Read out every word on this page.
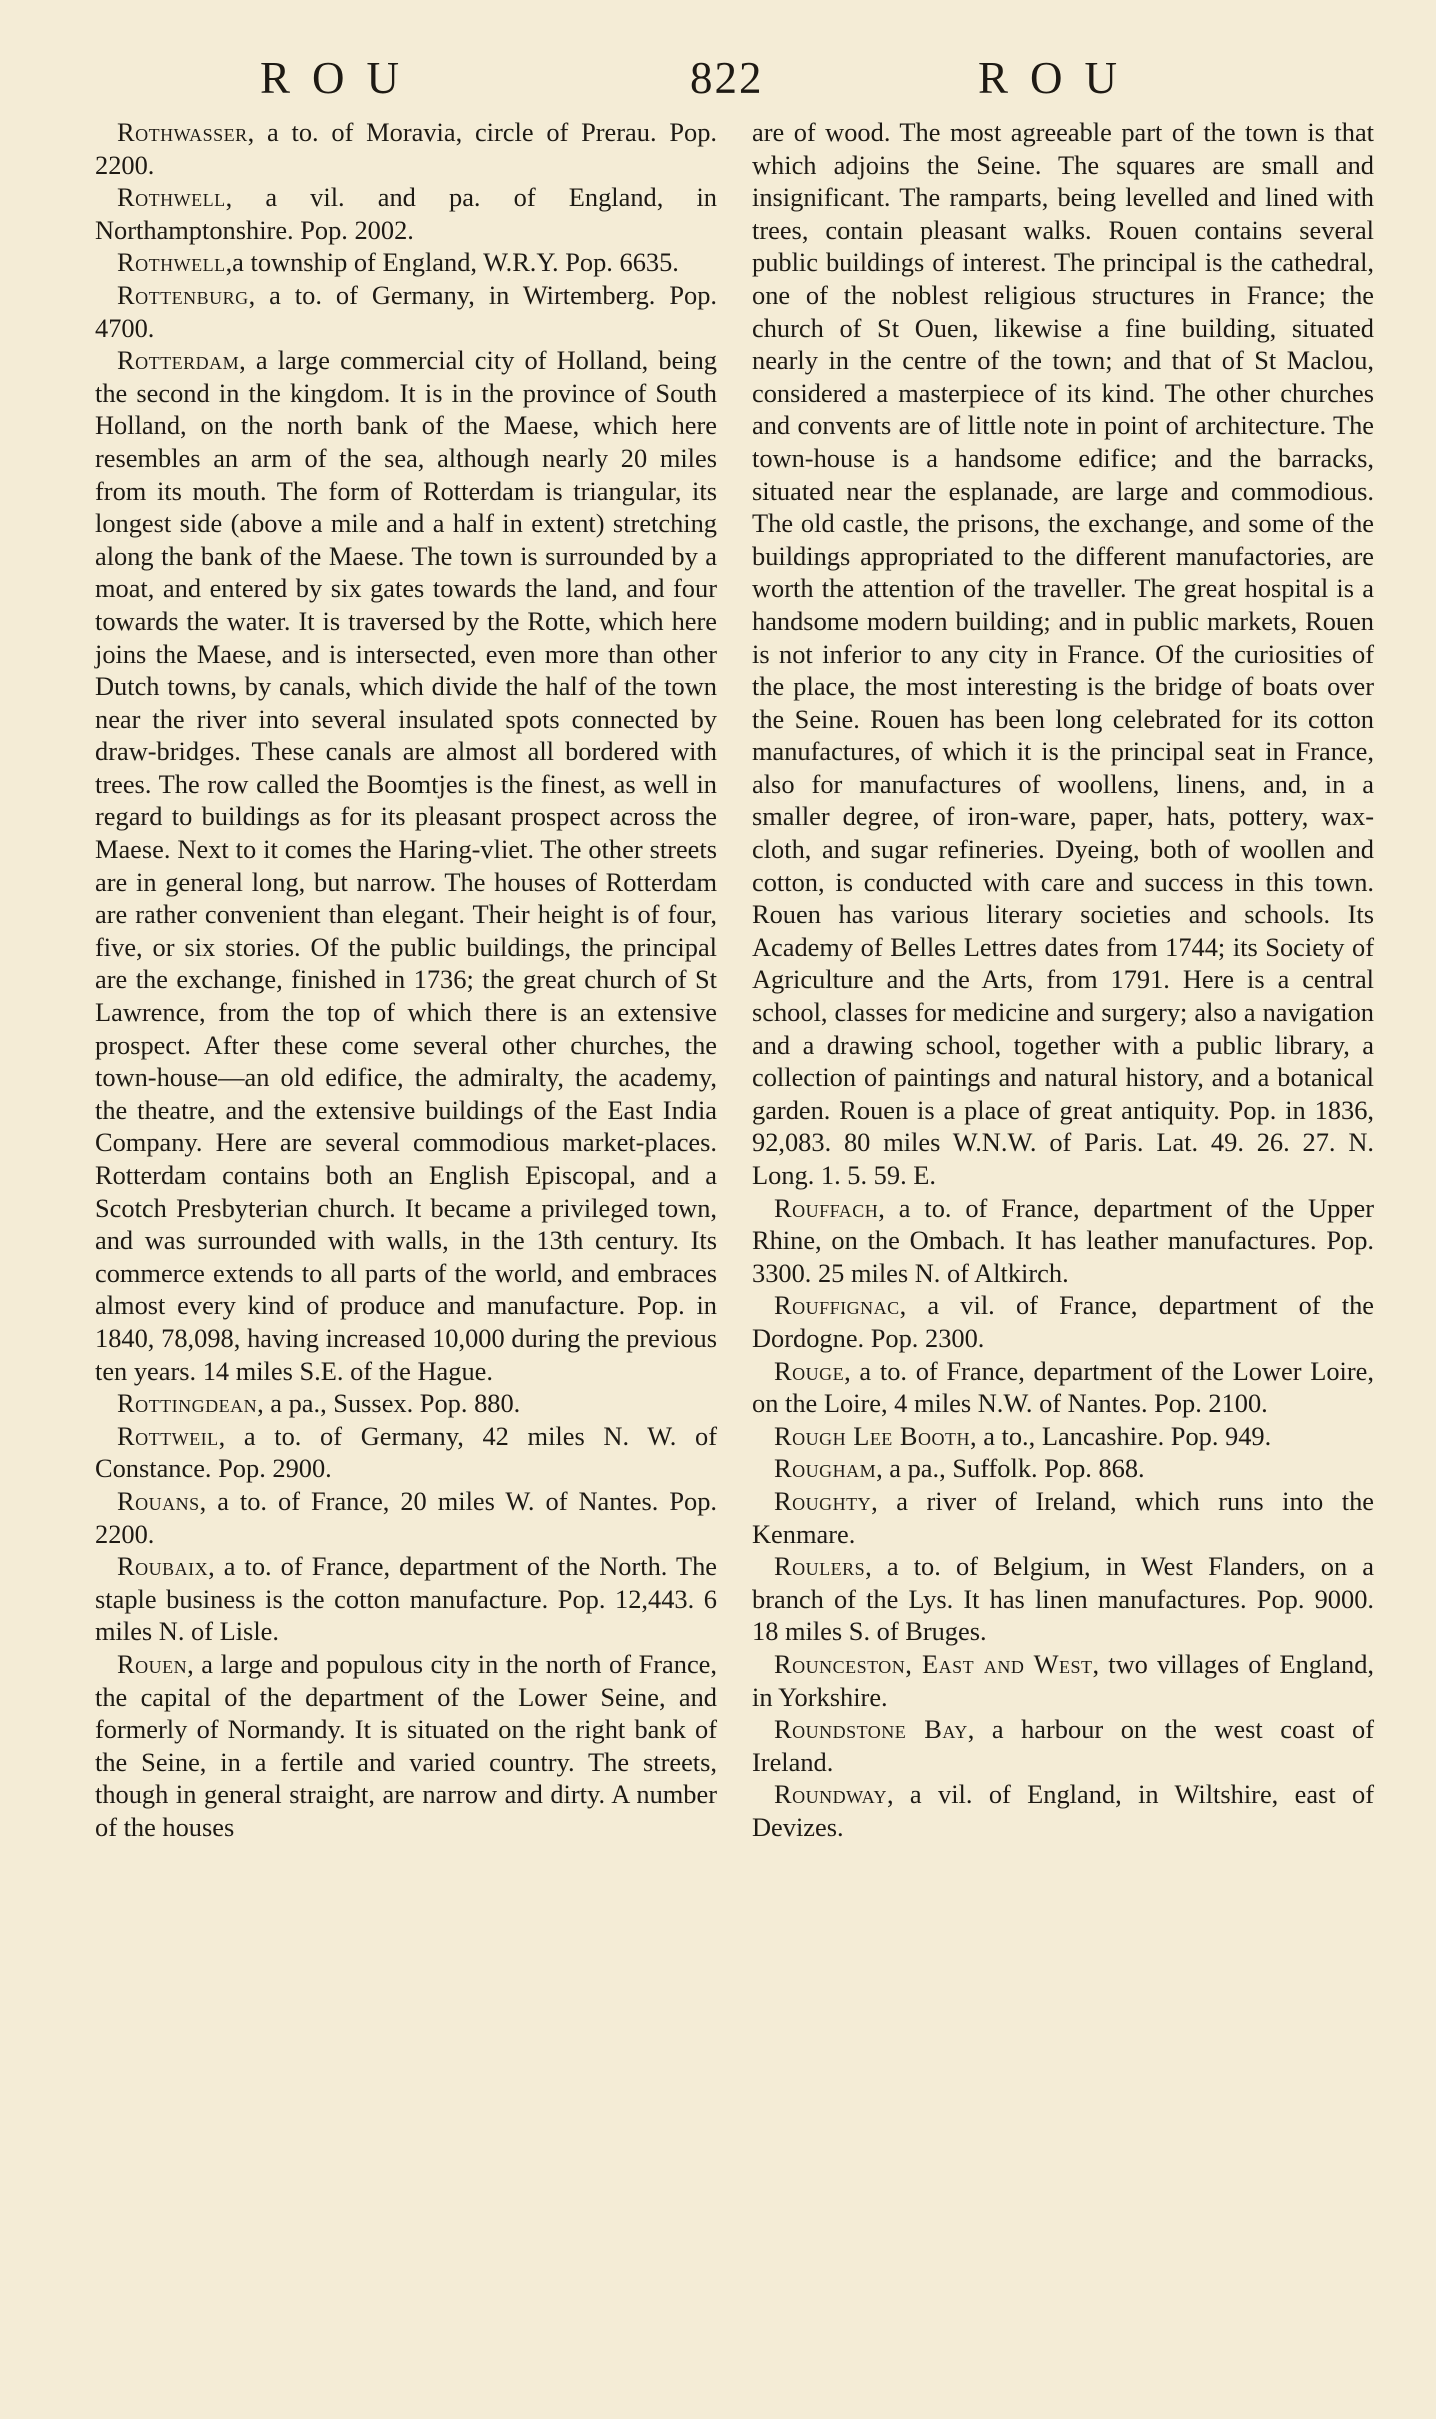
ROU	822	ROU

Rothwasser, a to. of Moravia, circle of Prerau. Pop. 2200.

Rothwell, a vil. and pa. of England, in Northamptonshire. Pop. 2002.

Rothwell,a township of England, W.R.Y. Pop. 6635.

Rottenburg, a to. of Germany, in Wirtemberg. Pop. 4700.

Rotterdam, a large commercial city of Holland, being the second in the kingdom. It is in the province of South Holland, on the north bank of the Maese, which here resembles an arm of the sea, although nearly 20 miles from its mouth. The form of Rotterdam is triangular, its longest side (above a mile and a half in extent) stretching along the bank of the Maese. The town is surrounded by a moat, and entered by six gates towards the land, and four towards the water. It is traversed by the Rotte, which here joins the Maese, and is intersected, even more than other Dutch towns, by canals, which divide the half of the town near the river into several insulated spots connected by draw-bridges. These canals are almost all bordered with trees. The row called the Boomtjes is the finest, as well in regard to buildings as for its pleasant prospect across the Maese. Next to it comes the Haring-vliet. The other streets are in general long, but narrow. The houses of Rotterdam are rather convenient than elegant. Their height is of four, five, or six stories. Of the public buildings, the principal are the exchange, finished in 1736; the great church of St Lawrence, from the top of which there is an extensive prospect. After these come several other churches, the town-house—an old edifice, the admiralty, the academy, the theatre, and the extensive buildings of the East India Company. Here are several commodious market-places. Rotterdam contains both an English Episcopal, and a Scotch Presbyterian church. It became a privileged town, and was surrounded with walls, in the 13th century. Its commerce extends to all parts of the world, and embraces almost every kind of produce and manufacture. Pop. in 1840, 78,098, having increased 10,000 during the previous ten years. 14 miles S.E. of the Hague.

Rottingdean, a pa., Sussex. Pop. 880.

Rottweil, a to. of Germany, 42 miles N. W. of Constance. Pop. 2900.

Rouans, a to. of France, 20 miles W. of Nantes. Pop. 2200.

Roubaix, a to. of France, department of the North. The staple business is the cotton manufacture. Pop. 12,443. 6 miles N. of Lisle.

Rouen, a large and populous city in the north of France, the capital of the department of the Lower Seine, and formerly of Normandy. It is situated on the right bank of the Seine, in a fertile and varied country. The streets, though in general straight, are narrow and dirty. A number of the houses

are of wood. The most agreeable part of the town is that which adjoins the Seine. The squares are small and insignificant. The ramparts, being levelled and lined with trees, contain pleasant walks. Rouen contains several public buildings of interest. The principal is the cathedral, one of the noblest religious structures in France; the church of St Ouen, likewise a fine building, situated nearly in the centre of the town; and that of St Maclou, considered a masterpiece of its kind. The other churches and convents are of little note in point of architecture. The town-house is a handsome edifice; and the barracks, situated near the esplanade, are large and commodious. The old castle, the prisons, the exchange, and some of the buildings appropriated to the different manufactories, are worth the attention of the traveller. The great hospital is a handsome modern building; and in public markets, Rouen is not inferior to any city in France. Of the curiosities of the place, the most interesting is the bridge of boats over the Seine. Rouen has been long celebrated for its cotton manufactures, of which it is the principal seat in France, also for manufactures of woollens, linens, and, in a smaller degree, of iron-ware, paper, hats, pottery, wax-cloth, and sugar refineries. Dyeing, both of woollen and cotton, is conducted with care and success in this town. Rouen has various literary societies and schools. Its Academy of Belles Lettres dates from 1744; its Society of Agriculture and the Arts, from 1791. Here is a central school, classes for medicine and surgery; also a navigation and a drawing school, together with a public library, a collection of paintings and natural history, and a botanical garden. Rouen is a place of great antiquity. Pop. in 1836, 92,083. 80 miles W.N.W. of Paris. Lat. 49. 26. 27. N. Long. 1. 5. 59. E.

Rouffach, a to. of France, department of the Upper Rhine, on the Ombach. It has leather manufactures. Pop. 3300. 25 miles N. of Altkirch.

Rouffignac, a vil. of France, department of the Dordogne. Pop. 2300.

Rouge, a to. of France, department of the Lower Loire, on the Loire, 4 miles N.W. of Nantes. Pop. 2100.

Rough Lee Booth, a to., Lancashire. Pop. 949.

Rougham, a pa., Suffolk. Pop. 868.

Roughty, a river of Ireland, which runs into the Kenmare.

Roulers, a to. of Belgium, in West Flanders, on a branch of the Lys. It has linen manufactures. Pop. 9000. 18 miles S. of Bruges.

Rounceston, East and West, two villages of England, in Yorkshire.

Roundstone Bay, a harbour on the west coast of Ireland.

Roundway, a vil. of England, in Wiltshire, east of Devizes.
